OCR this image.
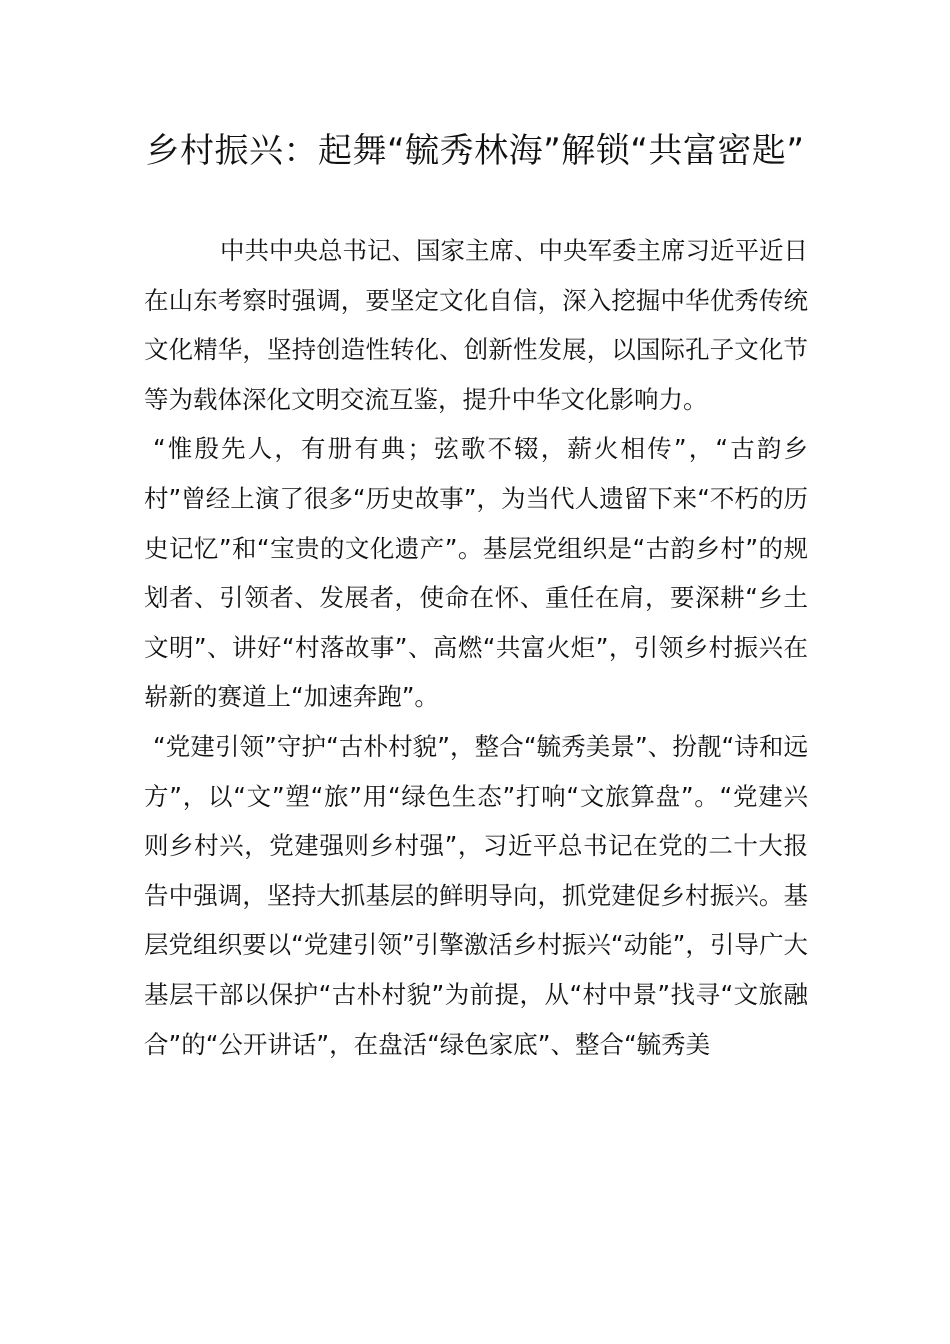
乡村振兴：起舞“毓秀林海”解锁“共富密匙”

中共中央总书记、国家主席、中央军委主席习近平近日在山东考察时强调，要坚定文化自信，深入挖掘中华优秀传统文化精华，坚持创造性转化、创新性发展，以国际孔子文化节等为载体深化文明交流互鉴，提升中华文化影响力。

“惟殷先人，有册有典；弦歌不辍，薪火相传”，“古韵乡村”曾经上演了很多“历史故事”，为当代人遗留下来“不朽的历史记忆”和“宝贵的文化遗产”。基层党组织是“古韵乡村”的规划者、引领者、发展者，使命在怀、重任在肩，要深耕“乡土文明”、讲好“村落故事”、高燃“共富火炬”，引领乡村振兴在崭新的赛道上“加速奔跑”。

“党建引领”守护“古朴村貌”，整合“毓秀美景”、扮靓“诗和远方”，以“文”塑“旅”用“绿色生态”打响“文旅算盘”。“党建兴则乡村兴，党建强则乡村强”，习近平总书记在党的二十大报告中强调，坚持大抓基层的鲜明导向，抓党建促乡村振兴。基层党组织要以“党建引领”引擎激活乡村振兴“动能”，引导广大基层干部以保护“古朴村貌”为前提，从“村中景”找寻“文旅融合”的“公开讲话”，在盘活“绿色家底”、整合“毓秀美
